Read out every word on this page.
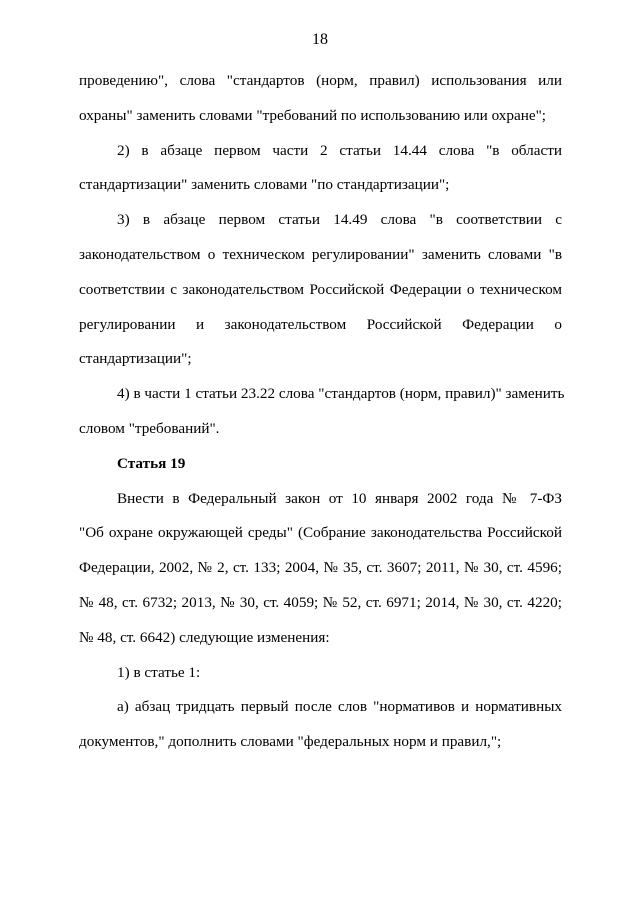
18

проведению", слова "стандартов (норм, правил) использования или
охраны" заменить словами "требований по использованию или охране";

2) в абзаце первом части 2 статьи 14.44 слова "в области
стандартизации" заменить словами "по стандартизации";

3) в абзаце первом статьи 14.49 слова "в соответствии с
законодательством о техническом регулировании" заменить словами "в
соответствии с законодательством Российской Федерации о техническом
регулировании и законодательством Российской Федерации о
стандартизации";

4) в части 1 статьи 23.22 слова "стандартов (норм, правил)" заменить
словом "требований".

Статья 19

Внести в Федеральный закон от 10 января 2002 года № 7-ФЗ
"Об охране окружающей среды" (Собрание законодательства Российской
Федерации, 2002, № 2, ст. 133; 2004, № 35, ст. 3607; 2011, № 30, ст. 4596;
№ 48, ст. 6732; 2013, № 30, ст. 4059; № 52, ст. 6971; 2014, № 30, ст. 4220;
№ 48, ст. 6642) следующие изменения:

1) в статье 1:

а) абзац тридцать первый после слов "нормативов и нормативных
документов," дополнить словами "федеральных норм и правил,";
